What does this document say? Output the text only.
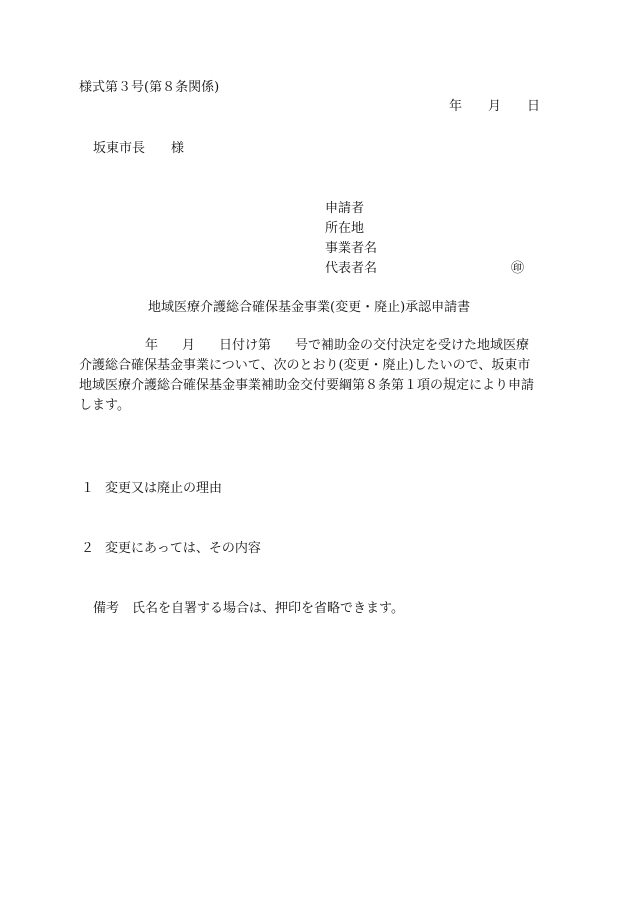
様式第３号(第８条関係)
年 月 日
坂東市長 様
申請者
所在地
事業者名
代表者名	㊞
地域医療介護総合確保基金事業(変更・廃止)承認申請書
年 月 日付け第 号で補助金の交付決定を受けた地域医療
介護総合確保基金事業について、次のとおり(変更・廃止)したいので、坂東市
地域医療介護総合確保基金事業補助金交付要綱第８条第１項の規定により申請
します。
１ 変更又は廃止の理由
２ 変更にあっては、その内容
備考 氏名を自署する場合は、押印を省略できます。
